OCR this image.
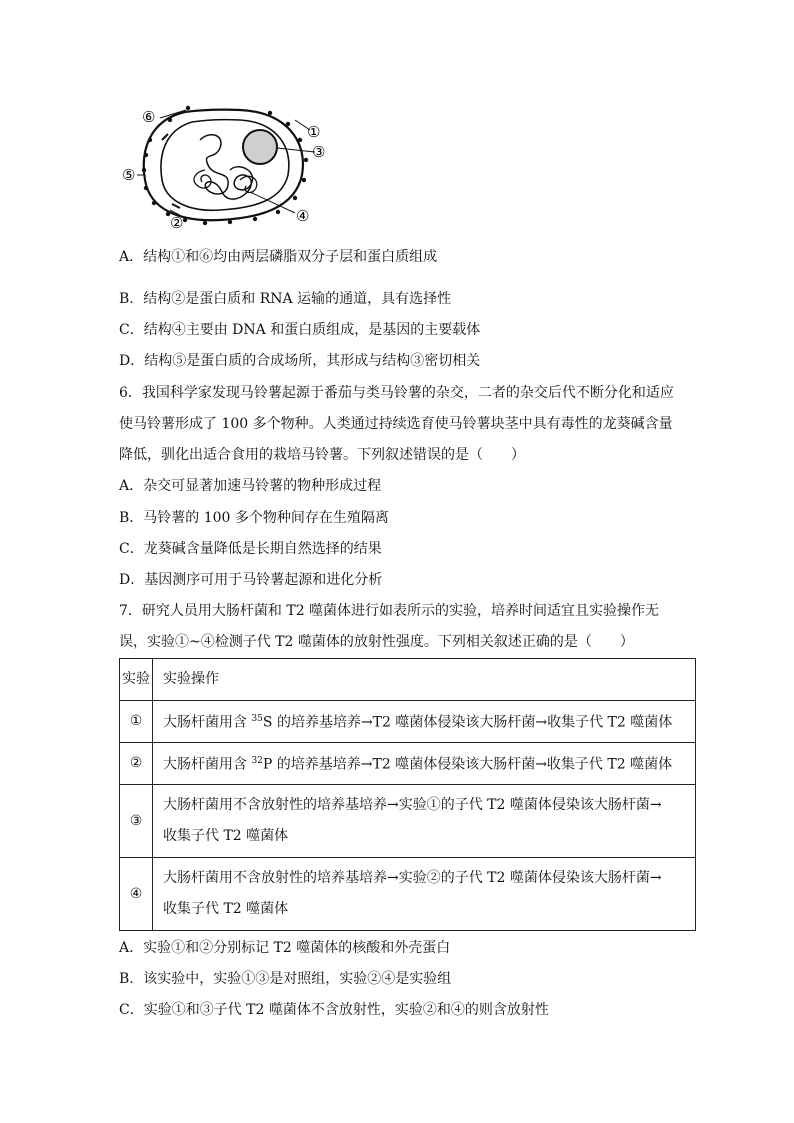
①
③
④
②
⑤
⑥
A．结构①和⑥均由两层磷脂双分子层和蛋白质组成
B．结构②是蛋白质和 RNA 运输的通道，具有选择性
C．结构④主要由 DNA 和蛋白质组成，是基因的主要载体
D．结构⑤是蛋白质的合成场所，其形成与结构③密切相关
6．我国科学家发现马铃薯起源于番茄与类马铃薯的杂交，二者的杂交后代不断分化和适应
使马铃薯形成了 100 多个物种。人类通过持续选育使马铃薯块茎中具有毒性的龙葵碱含量
降低，驯化出适合食用的栽培马铃薯。下列叙述错误的是（　　）
A．杂交可显著加速马铃薯的物种形成过程
B．马铃薯的 100 多个物种间存在生殖隔离
C．龙葵碱含量降低是长期自然选择的结果
D．基因测序可用于马铃薯起源和进化分析
7．研究人员用大肠杆菌和 T2 噬菌体进行如表所示的实验，培养时间适宜且实验操作无
误，实验①~④检测子代 T2 噬菌体的放射性强度。下列相关叙述正确的是（　　）
实验	实验操作
①	大肠杆菌用含 $^{35}$S 的培养基培养→T2 噬菌体侵染该大肠杆菌→收集子代 T2 噬菌体
②	大肠杆菌用含 $^{32}$P 的培养基培养→T2 噬菌体侵染该大肠杆菌→收集子代 T2 噬菌体
③	大肠杆菌用不含放射性的培养基培养→实验①的子代 T2 噬菌体侵染该大肠杆菌→
收集子代 T2 噬菌体

④	大肠杆菌用不含放射性的培养基培养→实验②的子代 T2 噬菌体侵染该大肠杆菌→
收集子代 T2 噬菌体
A．实验①和②分别标记 T2 噬菌体的核酸和外壳蛋白
B．该实验中，实验①③是对照组，实验②④是实验组
C．实验①和③子代 T2 噬菌体不含放射性，实验②和④的则含放射性
